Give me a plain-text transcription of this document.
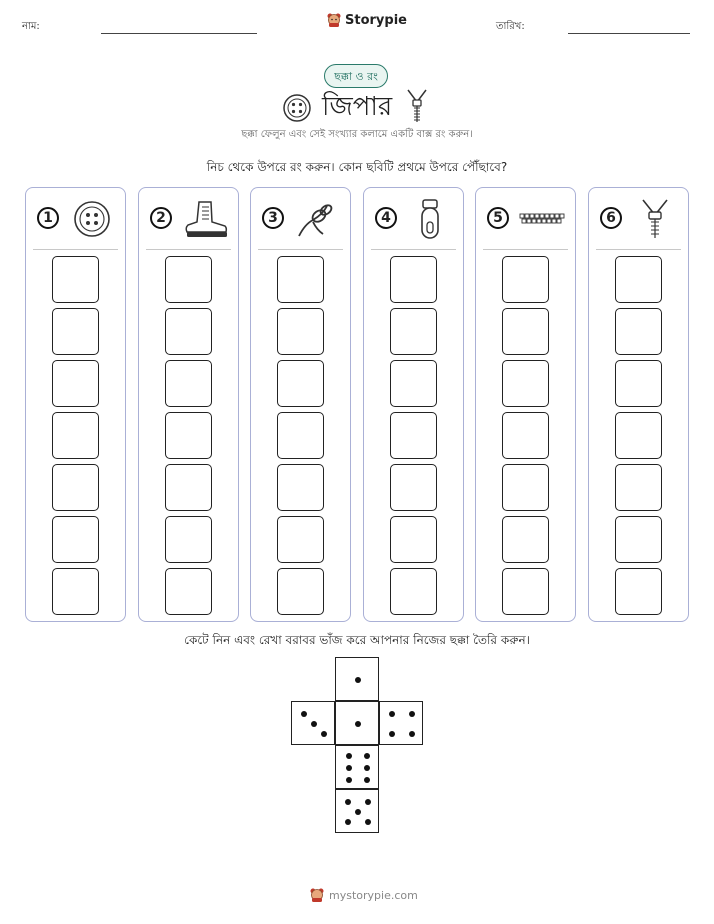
নাম:	Storypie	তারিখ:
ছক্কা ও রং
জিপার
ছক্কা ফেলুন এবং সেই সংখ্যার কলামে একটি বাক্স রং করুন।
নিচ থেকে উপরে রং করুন। কোন ছবিটি প্রথমে উপরে পৌঁছাবে?
1	2	3	4	5	6
কেটে নিন এবং রেখা বরাবর ভাঁজ করে আপনার নিজের ছক্কা তৈরি করুন।
mystorypie.com
